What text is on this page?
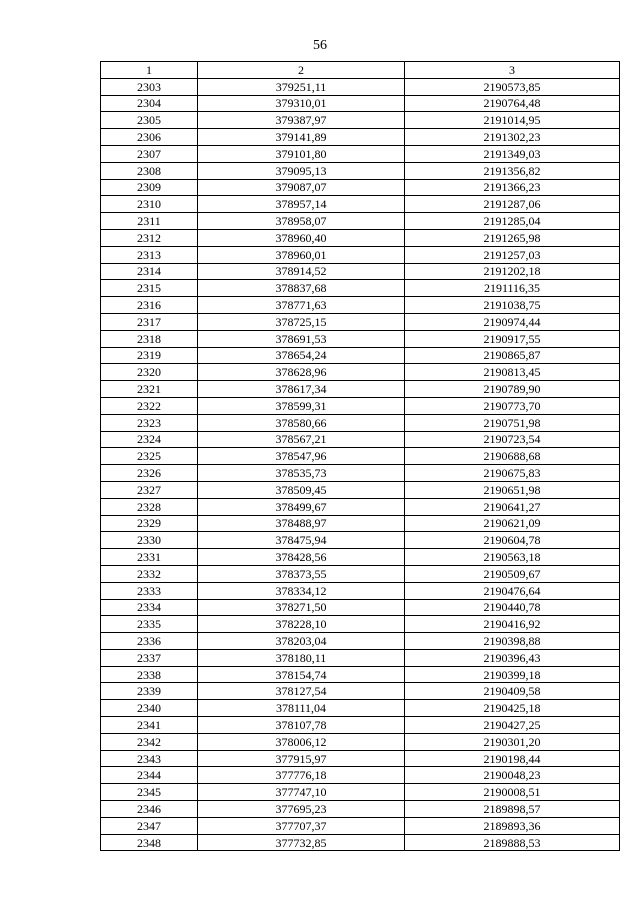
56
1	2	3
2303	379251,11	2190573,85
2304	379310,01	2190764,48
2305	379387,97	2191014,95
2306	379141,89	2191302,23
2307	379101,80	2191349,03
2308	379095,13	2191356,82
2309	379087,07	2191366,23
2310	378957,14	2191287,06
2311	378958,07	2191285,04
2312	378960,40	2191265,98
2313	378960,01	2191257,03
2314	378914,52	2191202,18
2315	378837,68	2191116,35
2316	378771,63	2191038,75
2317	378725,15	2190974,44
2318	378691,53	2190917,55
2319	378654,24	2190865,87
2320	378628,96	2190813,45
2321	378617,34	2190789,90
2322	378599,31	2190773,70
2323	378580,66	2190751,98
2324	378567,21	2190723,54
2325	378547,96	2190688,68
2326	378535,73	2190675,83
2327	378509,45	2190651,98
2328	378499,67	2190641,27
2329	378488,97	2190621,09
2330	378475,94	2190604,78
2331	378428,56	2190563,18
2332	378373,55	2190509,67
2333	378334,12	2190476,64
2334	378271,50	2190440,78
2335	378228,10	2190416,92
2336	378203,04	2190398,88
2337	378180,11	2190396,43
2338	378154,74	2190399,18
2339	378127,54	2190409,58
2340	378111,04	2190425,18
2341	378107,78	2190427,25
2342	378006,12	2190301,20
2343	377915,97	2190198,44
2344	377776,18	2190048,23
2345	377747,10	2190008,51
2346	377695,23	2189898,57
2347	377707,37	2189893,36
2348	377732,85	2189888,53
